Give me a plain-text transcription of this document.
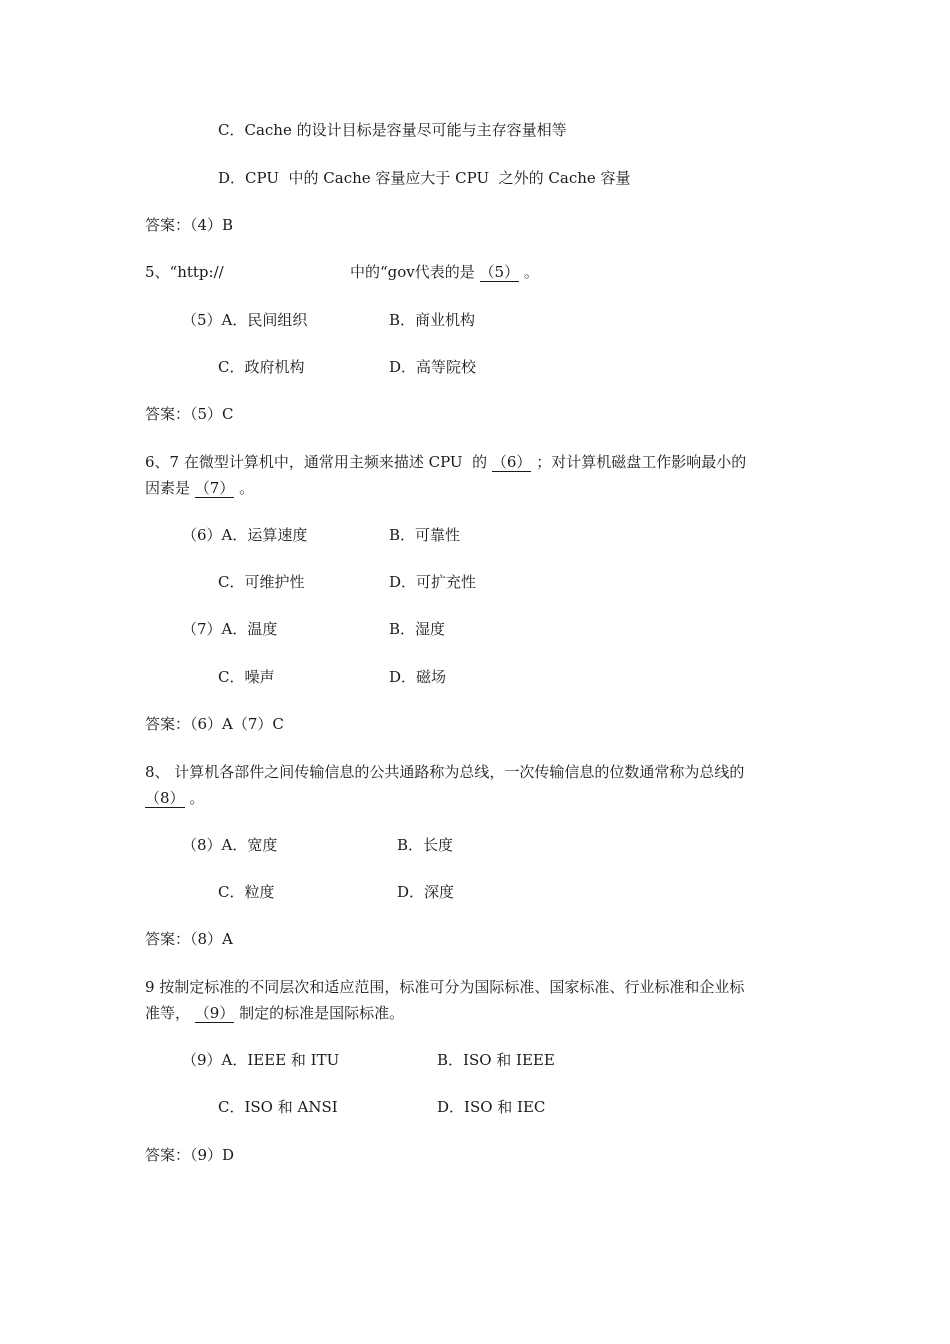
C．Cache 的设计目标是容量尽可能与主存容量相等
D．CPU  中的 Cache 容量应大于 CPU  之外的 Cache 容量
答案：（4）B
5、“http://	中的“gov代表的是 （5） 。
（5）A．民间组织	B．商业机构
C．政府机构	D．高等院校
答案：（5）C
6、7 在微型计算机中，通常用主频来描述 CPU  的 （6） ；对计算机磁盘工作影响最小的
因素是 （7） 。
（6）A．运算速度	B．可靠性
C．可维护性	D．可扩充性
（7）A．温度	B．湿度
C．噪声	D．磁场
答案：（6）A（7）C
8、 计算机各部件之间传输信息的公共通路称为总线，一次传输信息的位数通常称为总线的
（8） 。
（8）A．宽度	B．长度
C．粒度	D．深度
答案：（8）A
9 按制定标准的不同层次和适应范围，标准可分为国际标准、国家标准、行业标准和企业标
准等， （9） 制定的标准是国际标准。
（9）A．IEEE 和 ITU	B．ISO 和 IEEE
C．ISO 和 ANSI	D．ISO 和 IEC
答案：（9）D
